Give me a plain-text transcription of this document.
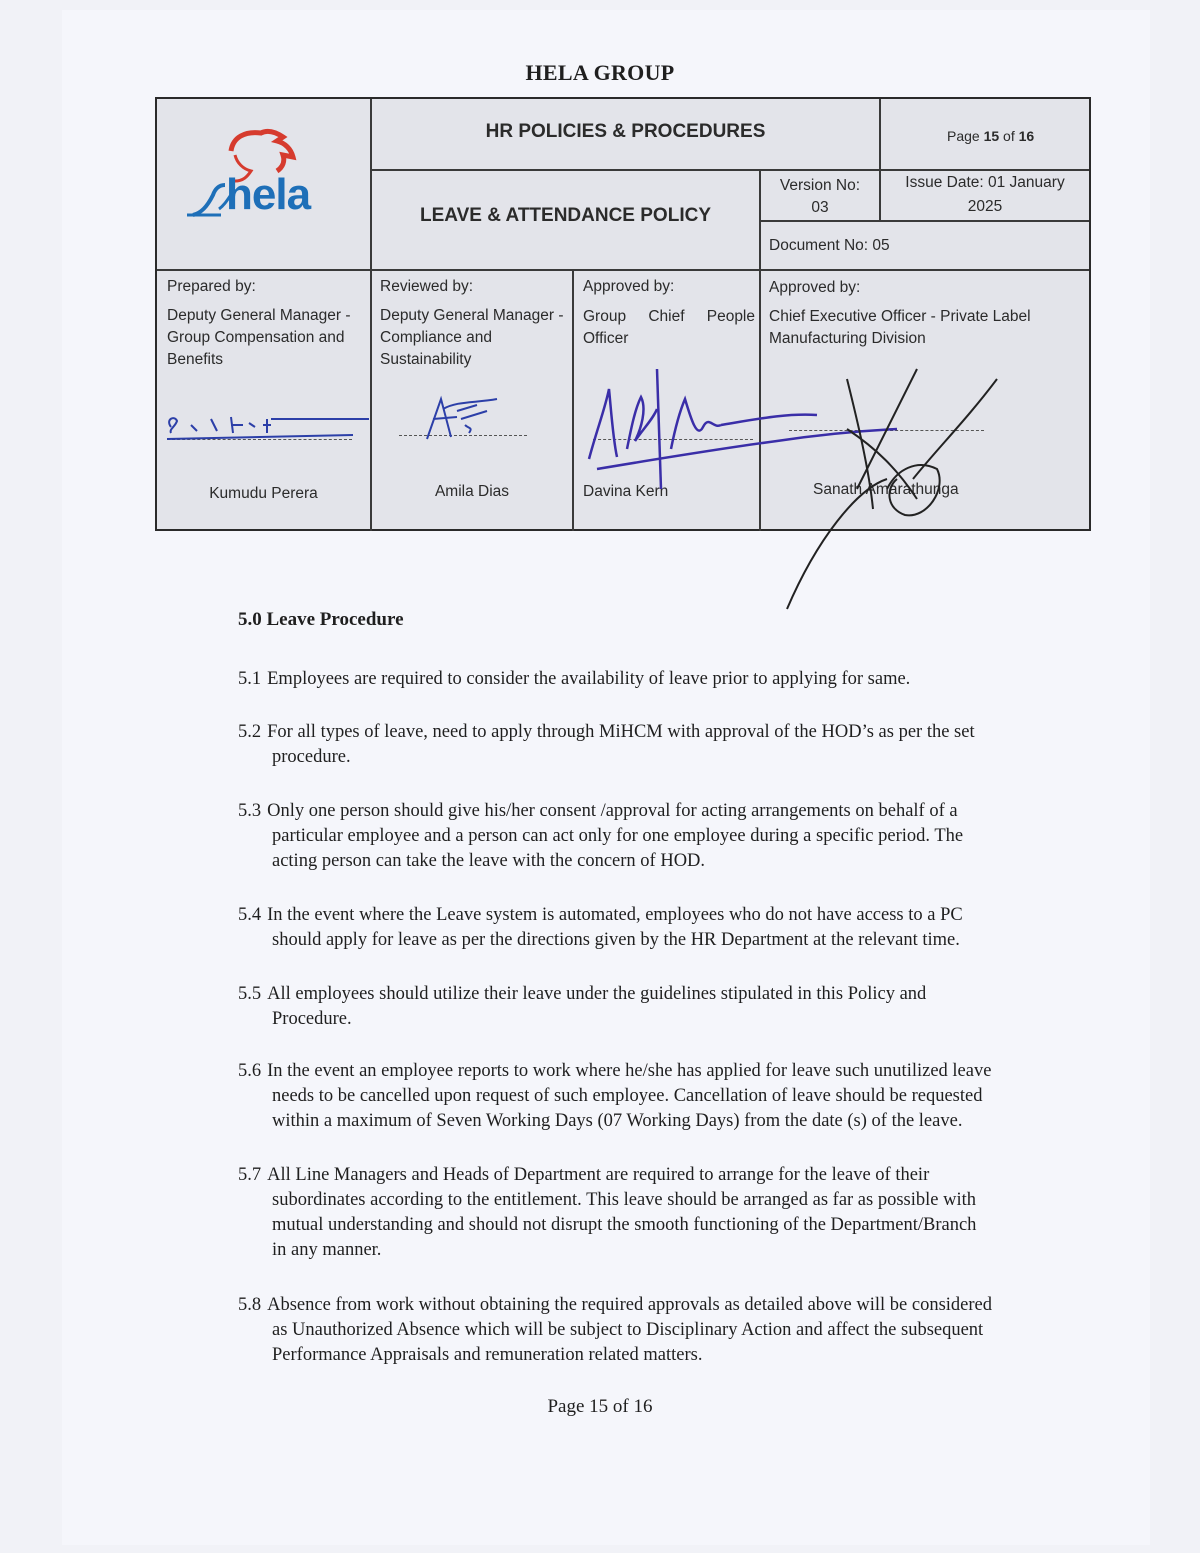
HELA GROUP
hela
HR POLICIES & PROCEDURES	Page 15 of 16
LEAVE & ATTENDANCE POLICY
Version No:
03
Issue Date: 01 January
2025
Document No: 05
Prepared by:
Deputy General Manager - Group Compensation and Benefits
Kumudu Perera
Reviewed by:
Deputy General Manager - Compliance and Sustainability
Amila Dias
Approved by:
Group Chief People Officer
Davina Kern
Approved by:
Chief Executive Officer - Private Label Manufacturing Division
Sanath Amarathunga
5.0 Leave Procedure
5.1 Employees are required to consider the availability of leave prior to applying for same.
5.2 For all types of leave, need to apply through MiHCM with approval of the HOD’s as per the set
procedure.
5.3 Only one person should give his/her consent /approval for acting arrangements on behalf of a
particular employee and a person can act only for one employee during a specific period. The
acting person can take the leave with the concern of HOD.
5.4 In the event where the Leave system is automated, employees who do not have access to a PC
should apply for leave as per the directions given by the HR Department at the relevant time.
5.5 All employees should utilize their leave under the guidelines stipulated in this Policy and
Procedure.
5.6 In the event an employee reports to work where he/she has applied for leave such unutilized leave
needs to be cancelled upon request of such employee. Cancellation of leave should be requested
within a maximum of Seven Working Days (07 Working Days) from the date (s) of the leave.
5.7 All Line Managers and Heads of Department are required to arrange for the leave of their
subordinates according to the entitlement. This leave should be arranged as far as possible with
mutual understanding and should not disrupt the smooth functioning of the Department/Branch
in any manner.
5.8 Absence from work without obtaining the required approvals as detailed above will be considered
as Unauthorized Absence which will be subject to Disciplinary Action and affect the subsequent
Performance Appraisals and remuneration related matters.
Page 15 of 16
